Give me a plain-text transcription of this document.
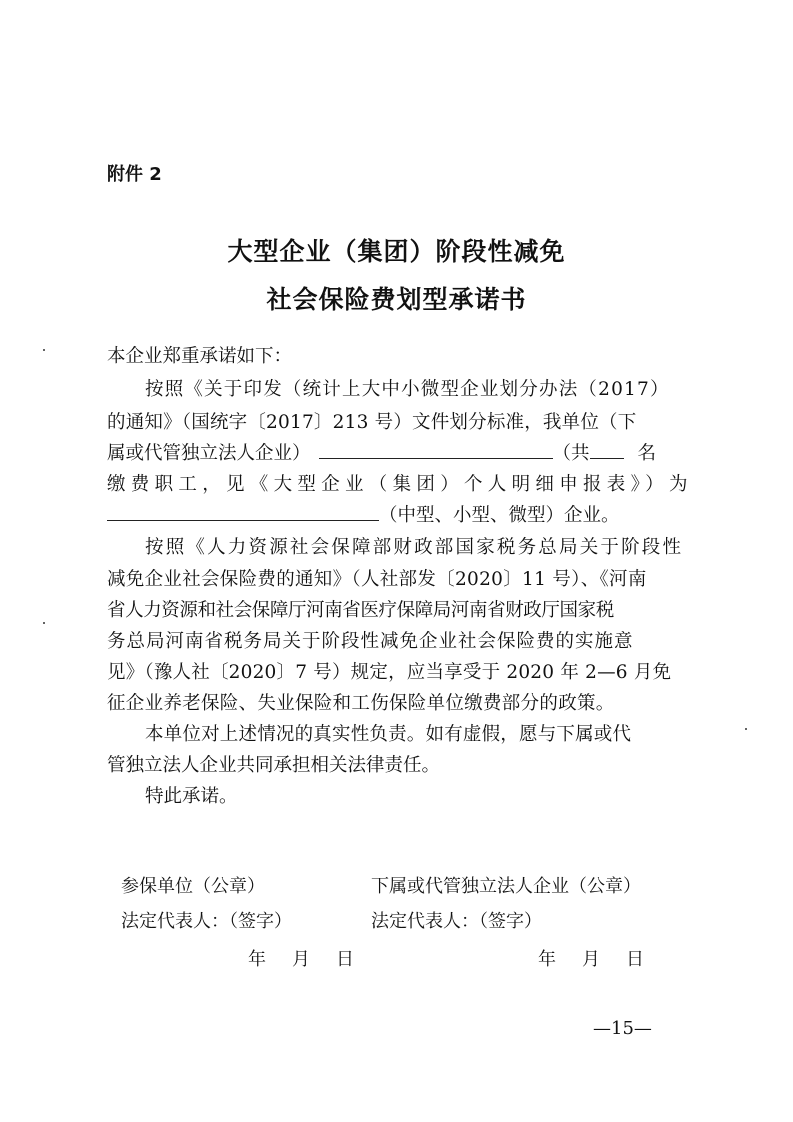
附件 2
大型企业（集团）阶段性减免
社会保险费划型承诺书
本企业郑重承诺如下：
按照《关于印发（统计上大中小微型企业划分办法（2017）
的通知》（国统字〔2017〕213 号）文件划分标准，我单位（下
属或代管独立法人企业）	（共	名
缴费职工，见《大型企业（集团）个人明细申报表》）为
（中型、小型、微型）企业。
按照《人力资源社会保障部财政部国家税务总局关于阶段性
减免企业社会保险费的通知》（人社部发〔2020〕11 号）、《河南
省人力资源和社会保障厅河南省医疗保障局河南省财政厅国家税
务总局河南省税务局关于阶段性减免企业社会保险费的实施意
见》（豫人社〔2020〕7 号）规定，应当享受于 2020 年 2—6 月免
征企业养老保险、失业保险和工伤保险单位缴费部分的政策。
本单位对上述情况的真实性负责。如有虚假，愿与下属或代
管独立法人企业共同承担相关法律责任。
特此承诺。
参保单位（公章）	下属或代管独立法人企业（公章）
法定代表人：（签字）	法定代表人：（签字）
年　月　日	年　月　日
—15—
